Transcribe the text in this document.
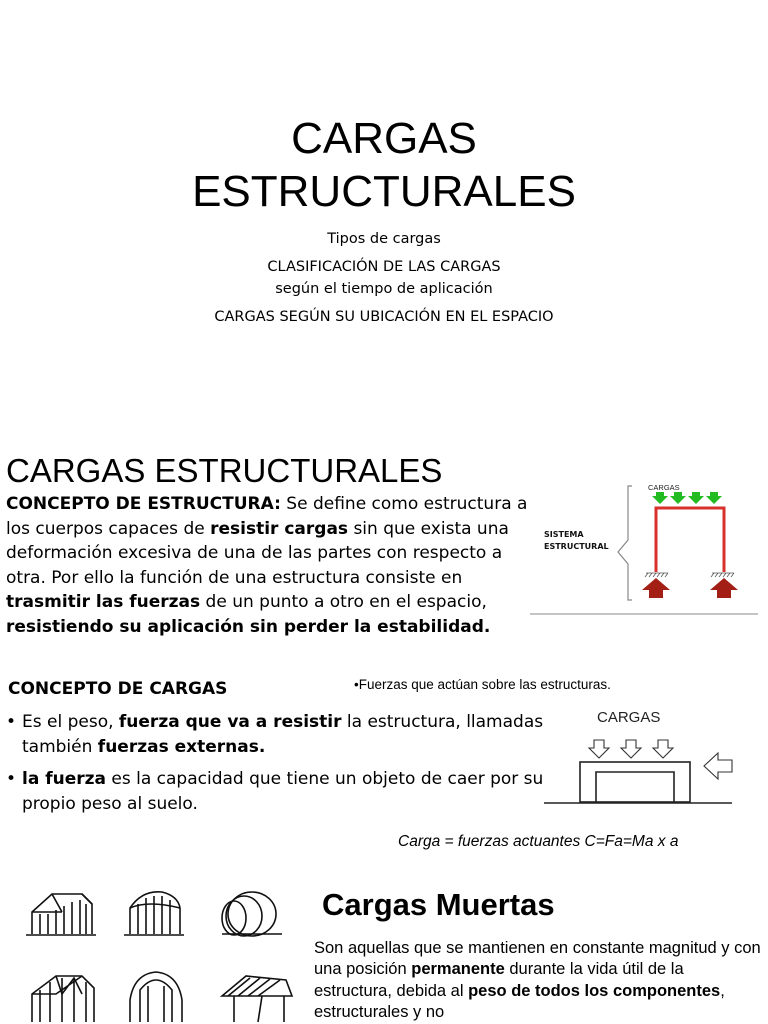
CARGAS
ESTRUCTURALES
Tipos de cargas
CLASIFICACIÓN DE LAS CARGAS
según el tiempo de aplicación
CARGAS SEGÚN SU UBICACIÓN EN EL ESPACIO
CARGAS ESTRUCTURALES
CONCEPTO DE ESTRUCTURA: Se define como estructura a los cuerpos capaces de resistir cargas sin que exista una deformación excesiva de una de las partes con respecto a otra. Por ello la función de una estructura consiste en trasmitir las fuerzas de un punto a otro en el espacio, resistiendo su aplicación sin perder la estabilidad.
CARGAS
SISTEMA
ESTRUCTURAL
CONCEPTO DE CARGAS	•Fuerzas que actúan sobre las estructuras.
• Es el peso, fuerza que va a resistir la estructura, llamadas también fuerzas externas.
• la fuerza es la capacidad que tiene un objeto de caer por su propio peso al suelo.
CARGAS
Carga = fuerzas actuantes C=Fa=Ma x a
Cargas Muertas
Son aquellas que se mantienen en constante magnitud y con una posición permanente durante la vida útil de la estructura, debida al peso de todos los componentes, estructurales y no
